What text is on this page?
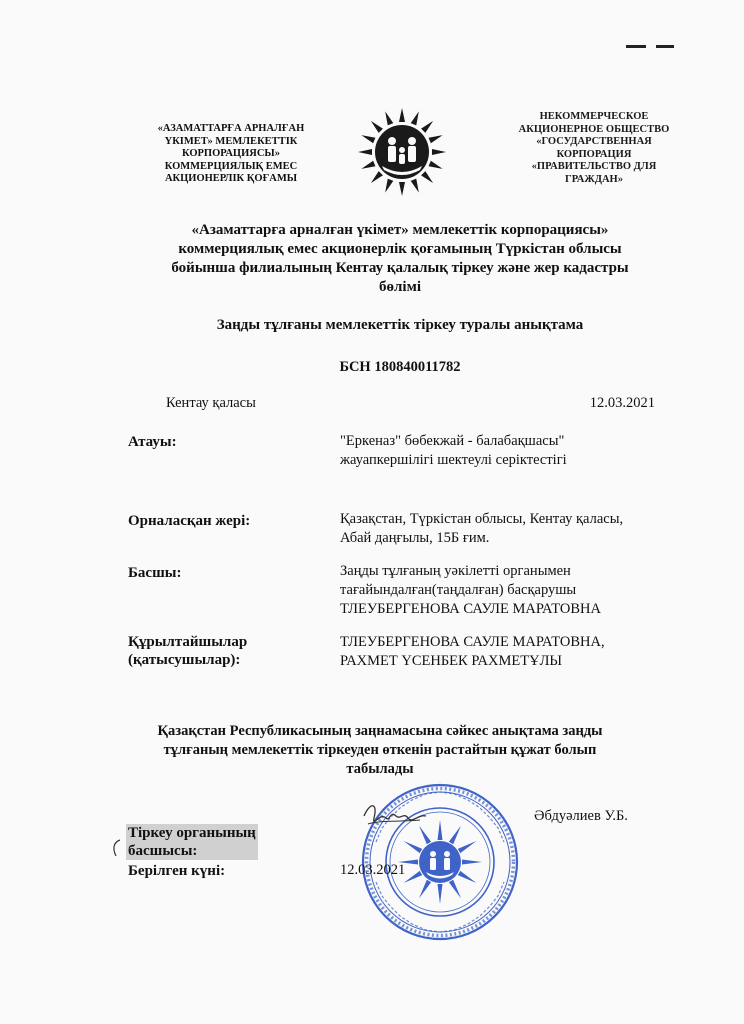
«АЗАМАТТАРҒА АРНАЛҒАН
ҮКІМЕТ» МЕМЛЕКЕТТІК
КОРПОРАЦИЯСЫ»
КОММЕРЦИЯЛЫҚ ЕМЕС
АКЦИОНЕРЛІК ҚОҒАМЫ
НЕКОММЕРЧЕСКОЕ
АКЦИОНЕРНОЕ ОБЩЕСТВО
«ГОСУДАРСТВЕННАЯ
КОРПОРАЦИЯ
«ПРАВИТЕЛЬСТВО ДЛЯ
ГРАЖДАН»
«Азаматтарға арналған үкімет» мемлекеттік корпорациясы»
коммерциялық емес акционерлік қоғамының Түркістан облысы
бойынша филиалының Кентау қалалық тіркеу және жер кадастры
бөлімі
Заңды тұлғаны мемлекеттік тіркеу туралы анықтама
БСН 180840011782
Кентау қаласы	12.03.2021
Атауы:	"Еркеназ" бөбекжай - балабақшасы"
жауапкершілігі шектеулі серіктестігі
Орналасқан жері:	Қазақстан, Түркістан облысы, Кентау қаласы,
Абай даңғылы, 15Б ғим.
Басшы:	Заңды тұлғаның уәкілетті органымен
тағайындалған(таңдалған) басқарушы
ТЛЕУБЕРГЕНОВА САУЛЕ МАРАТОВНА
Құрылтайшылар
(қатысушылар):
ТЛЕУБЕРГЕНОВА САУЛЕ МАРАТОВНА,
РАХМЕТ ҮСЕНБЕК РАХМЕТҰЛЫ
Қазақстан Республикасының заңнамасына сәйкес анықтама заңды
тұлғаның мемлекеттік тіркеуден өткенін растайтын құжат болып
табылады

Тіркеу органының
басшысы:

Әбдуәлиев У.Б.
Берілген күні:	12.03.2021
